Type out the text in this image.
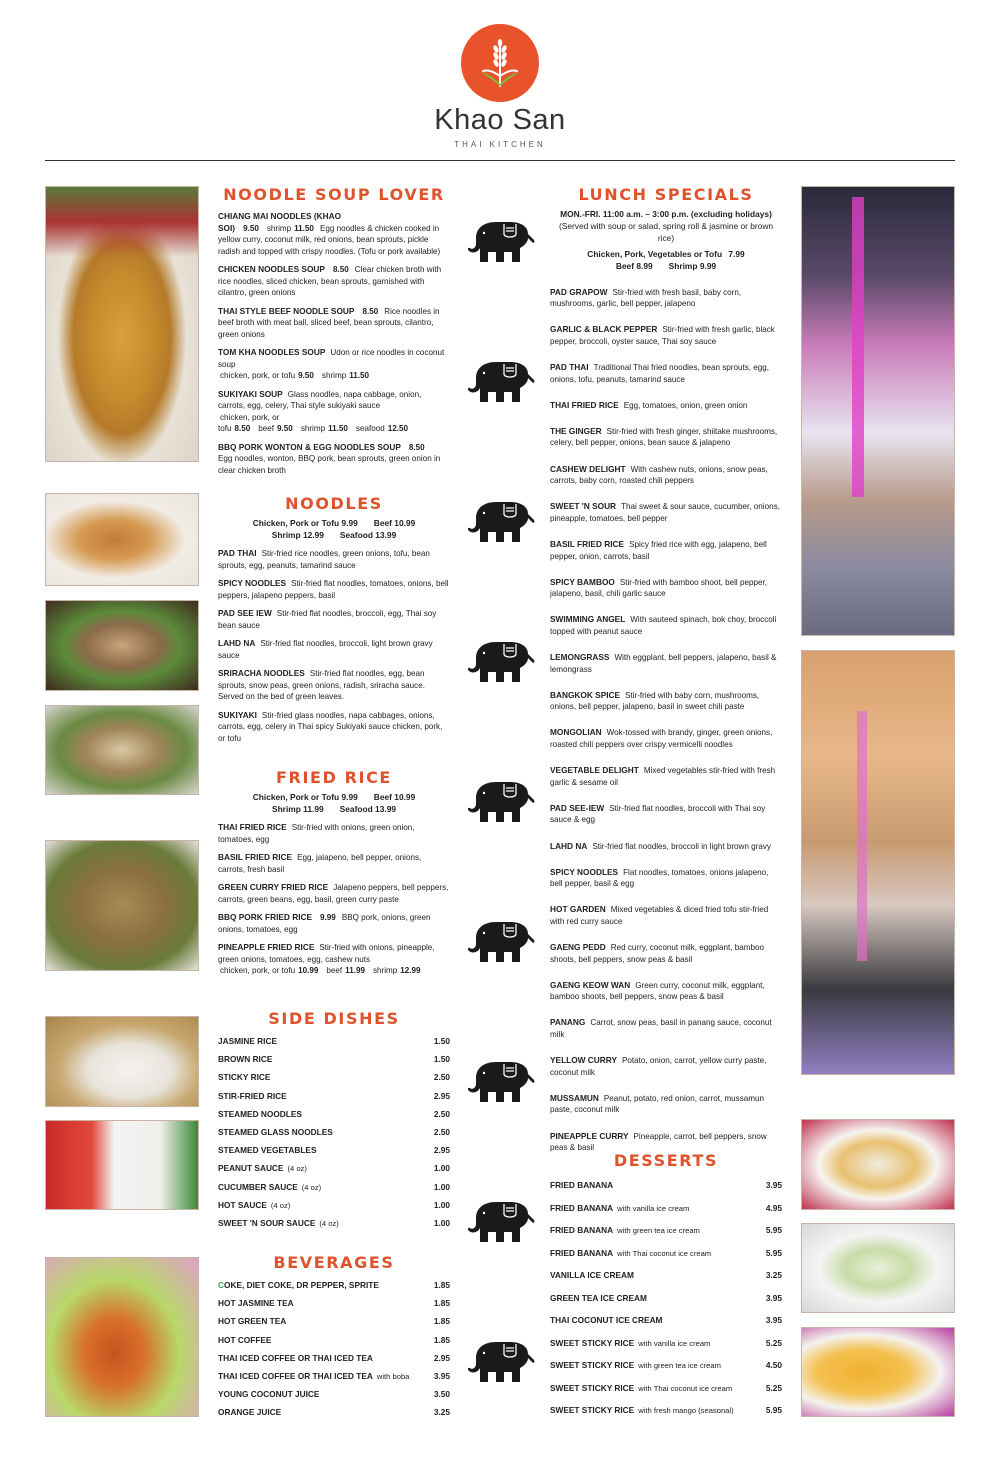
Khao San
THAI KITCHEN
NOODLE SOUP LOVER
CHIANG MAI NOODLES (KHAO SOI) 9.50 shrimp 11.50 Egg noodles & chicken cooked in yellow curry, coconut milk, red onions, bean sprouts, pickle radish and topped with crispy noodles. (Tofu or pork available)
CHICKEN NOODLES SOUP 8.50 Clear chicken broth with rice noodles, sliced chicken, bean sprouts, garnished with cilantro, green onions
THAI STYLE BEEF NOODLE SOUP 8.50 Rice noodles in beef broth with meat ball, sliced beef, bean sprouts, cilantro, green onions
TOM KHA NOODLES SOUP Udon or rice noodles in coconut soup
chicken, pork, or tofu 9.50 shrimp 11.50
SUKIYAKI SOUP Glass noodles, napa cabbage, onion, carrots, egg, celery, Thai style sukiyaki sauce
chicken, pork, or tofu 8.50 beef 9.50 shrimp 11.50 seafood 12.50
BBQ PORK WONTON & EGG NOODLES SOUP 8.50
Egg noodles, wonton, BBQ pork, bean sprouts, green onion in clear chicken broth
NOODLES
Chicken, Pork or Tofu 9.99 Beef 10.99
Shrimp 12.99 Seafood 13.99
PAD THAI Stir-fried rice noodles, green onions, tofu, bean sprouts, egg, peanuts, tamarind sauce
SPICY NOODLES Stir-fried flat noodles, tomatoes, onions, bell peppers, jalapeno peppers, basil
PAD SEE IEW Stir-fried flat noodles, broccoli, egg, Thai soy bean sauce
LAHD NA Stir-fried flat noodles, broccoli, light brown gravy sauce
SRIRACHA NOODLES Stir-fried flat noodles, egg, bean sprouts, snow peas, green onions, radish, sriracha sauce. Served on the bed of green leaves.
SUKIYAKI Stir-fried glass noodles, napa cabbages, onions, carrots, egg, celery in Thai spicy Sukiyaki sauce chicken, pork, or tofu
FRIED RICE
Chicken, Pork or Tofu 9.99 Beef 10.99
Shrimp 11.99 Seafood 13.99
THAI FRIED RICE Stir-fried with onions, green onion, tomatoes, egg
BASIL FRIED RICE Egg, jalapeno, bell pepper, onions, carrots, fresh basil
GREEN CURRY FRIED RICE Jalapeno peppers, bell peppers, carrots, green beans, egg, basil, green curry paste
BBQ PORK FRIED RICE 9.99 BBQ pork, onions, green onions, tomatoes, egg
PINEAPPLE FRIED RICE Stir-fried with onions, pineapple, green onions, tomatoes, egg, cashew nuts
chicken, pork, or tofu 10.99 beef 11.99 shrimp 12.99
SIDE DISHES
JASMINE RICE	1.50
BROWN RICE	1.50
STICKY RICE	2.50
STIR-FRIED RICE	2.95
STEAMED NOODLES	2.50
STEAMED GLASS NOODLES	2.50
STEAMED VEGETABLES	2.95
PEANUT SAUCE (4 oz)	1.00
CUCUMBER SAUCE (4 oz)	1.00
HOT SAUCE (4 oz)	1.00
SWEET 'N SOUR SAUCE (4 oz)	1.00
BEVERAGES
COKE, DIET COKE, DR PEPPER, SPRITE	1.85
HOT JASMINE TEA	1.85
HOT GREEN TEA	1.85
HOT COFFEE	1.85
THAI ICED COFFEE OR THAI ICED TEA	2.95
THAI ICED COFFEE OR THAI ICED TEA with boba	3.95
YOUNG COCONUT JUICE	3.50
ORANGE JUICE	3.25
LUNCH SPECIALS
MON.-FRI. 11:00 a.m. – 3:00 p.m. (excluding holidays)
(Served with soup or salad, spring roll & jasmine or brown rice)
Chicken, Pork, Vegetables or Tofu 7.99
Beef 8.99 Shrimp 9.99
PAD GRAPOW Stir-fried with fresh basil, baby corn, mushrooms, garlic, bell pepper, jalapeno
GARLIC & BLACK PEPPER Stir-fried with fresh garlic, black pepper, broccoli, oyster sauce, Thai soy sauce
PAD THAI Traditional Thai fried noodles, bean sprouts, egg, onions, tofu, peanuts, tamarind sauce
THAI FRIED RICE Egg, tomatoes, onion, green onion
THE GINGER Stir-fried with fresh ginger, shiitake mushrooms, celery, bell pepper, onions, bean sauce & jalapeno
CASHEW DELIGHT With cashew nuts, onions, snow peas, carrots, baby corn, roasted chili peppers
SWEET 'N SOUR Thai sweet & sour sauce, cucumber, onions, pineapple, tomatoes, bell pepper
BASIL FRIED RICE Spicy fried rice with egg, jalapeno, bell pepper, onion, carrots, basil
SPICY BAMBOO Stir-fried with bamboo shoot, bell pepper, jalapeno, basil, chili garlic sauce
SWIMMING ANGEL With sauteed spinach, bok choy, broccoli topped with peanut sauce
LEMONGRASS With eggplant, bell peppers, jalapeno, basil & lemongrass
BANGKOK SPICE Stir-fried with baby corn, mushrooms, onions, bell pepper, jalapeno, basil in sweet chili paste
MONGOLIAN Wok-tossed with brandy, ginger, green onions, roasted chili peppers over crispy vermicelli noodles
VEGETABLE DELIGHT Mixed vegetables stir-fried with fresh garlic & sesame oil
PAD SEE-IEW Stir-fried flat noodles, broccoli with Thai soy sauce & egg
LAHD NA Stir-fried flat noodles, broccoli in light brown gravy
SPICY NOODLES Flat noodles, tomatoes, onions jalapeno, bell pepper, basil & egg
HOT GARDEN Mixed vegetables & diced fried tofu stir-fried with red curry sauce
GAENG PEDD Red curry, coconut milk, eggplant, bamboo shoots, bell peppers, snow peas & basil
GAENG KEOW WAN Green curry, coconut milk, eggplant, bamboo shoots, bell peppers, snow peas & basil
PANANG Carrot, snow peas, basil in panang sauce, coconut milk
YELLOW CURRY Potato, onion, carrot, yellow curry paste, coconut milk
MUSSAMUN Peanut, potato, red onion, carrot, mussamun paste, coconut milk
PINEAPPLE CURRY Pineapple, carrot, bell peppers, snow peas & basil
DESSERTS
FRIED BANANA	3.95
FRIED BANANA with vanilla ice cream	4.95
FRIED BANANA with green tea ice cream	5.95
FRIED BANANA with Thai coconut ice cream	5.95
VANILLA ICE CREAM	3.25
GREEN TEA ICE CREAM	3.95
THAI COCONUT ICE CREAM	3.95
SWEET STICKY RICE with vanilla ice cream	5.25
SWEET STICKY RICE with green tea ice cream	4.50
SWEET STICKY RICE with Thai coconut ice cream	5.25
SWEET STICKY RICE with fresh mango (seasonal)	5.95
